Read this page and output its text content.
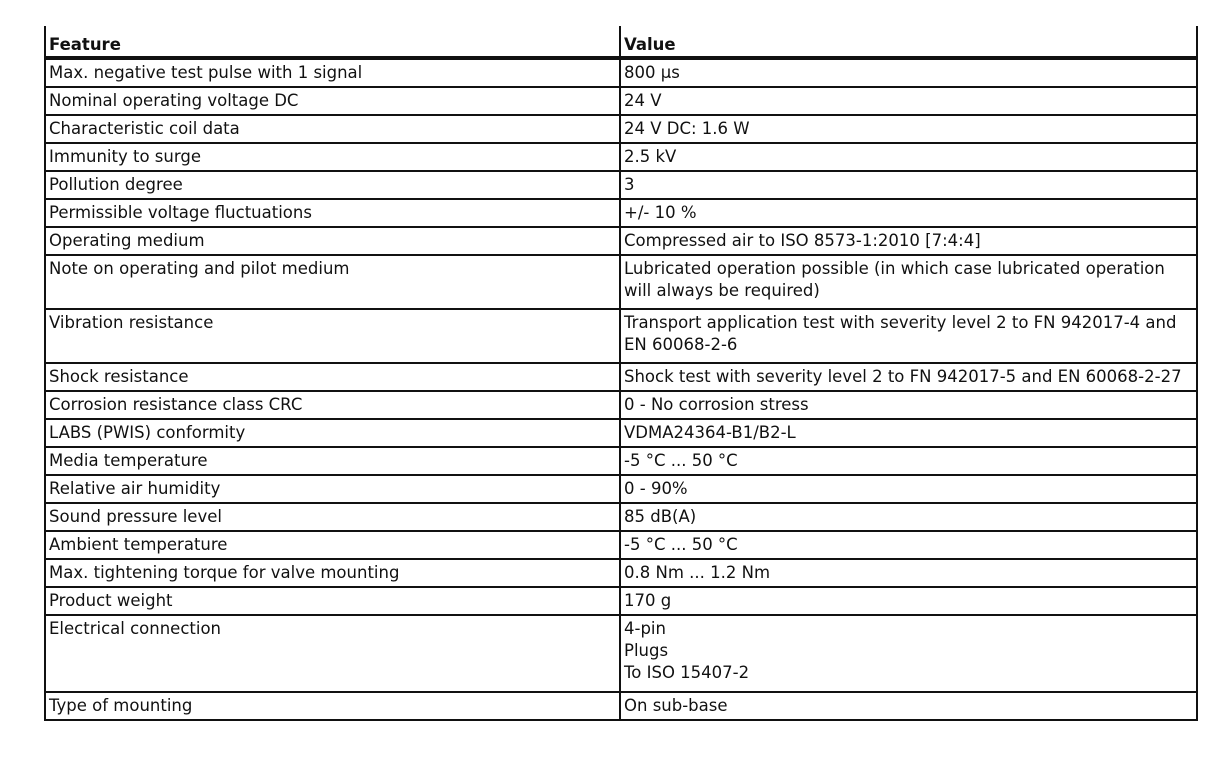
Feature	Value
Max. negative test pulse with 1 signal	800 µs
Nominal operating voltage DC	24 V
Characteristic coil data	24 V DC: 1.6 W
Immunity to surge	2.5 kV
Pollution degree	3
Permissible voltage fluctuations	+/- 10 %
Operating medium	Compressed air to ISO 8573-1:2010 [7:4:4]
Note on operating and pilot medium	Lubricated operation possible (in which case lubricated operation will always be required)
Vibration resistance	Transport application test with severity level 2 to FN 942017-4 and EN 60068-2-6
Shock resistance	Shock test with severity level 2 to FN 942017-5 and EN 60068-2-27
Corrosion resistance class CRC	0 - No corrosion stress
LABS (PWIS) conformity	VDMA24364-B1/B2-L
Media temperature	-5 °C ... 50 °C
Relative air humidity	0 - 90%
Sound pressure level	85 dB(A)
Ambient temperature	-5 °C ... 50 °C
Max. tightening torque for valve mounting	0.8 Nm ... 1.2 Nm
Product weight	170 g
Electrical connection	4-pin
Plugs
To ISO 15407-2
Type of mounting	On sub-base
